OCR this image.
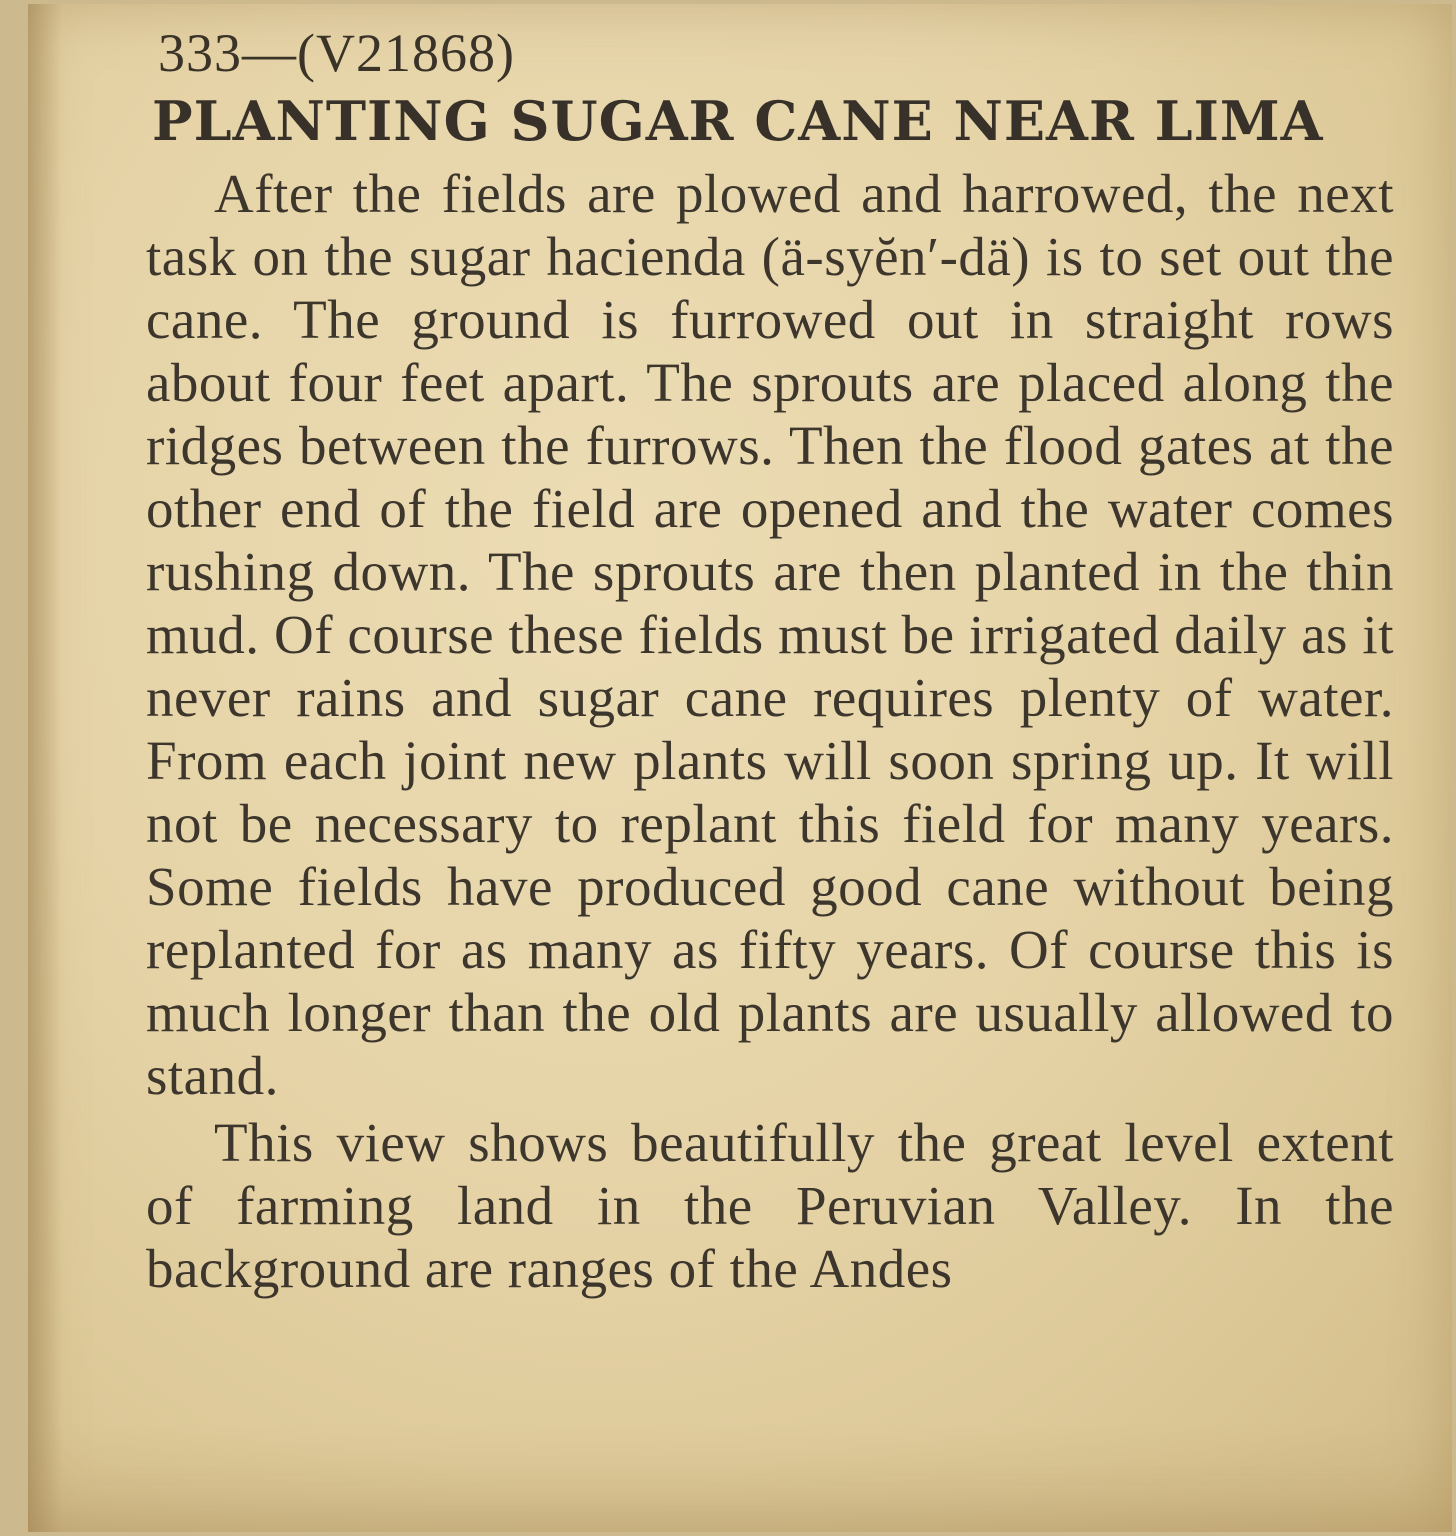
333—(V21868)
PLANTING SUGAR CANE NEAR LIMA

After the fields are plowed and harrowed, the next task on the sugar hacienda (ä-syĕn′-dä) is to set out the cane. The ground is furrowed out in straight rows about four feet apart. The sprouts are placed along the ridges between the furrows. Then the flood gates at the other end of the field are opened and the water comes rushing down. The sprouts are then planted in the thin mud. Of course these fields must be irrigated daily as it never rains and sugar cane requires plenty of water. From each joint new plants will soon spring up. It will not be necessary to replant this field for many years. Some fields have produced good cane without being replanted for as many as fifty years. Of course this is much longer than the old plants are usually allowed to stand.

This view shows beautifully the great level extent of farming land in the Peruvian Valley. In the background are ranges of the Andes
